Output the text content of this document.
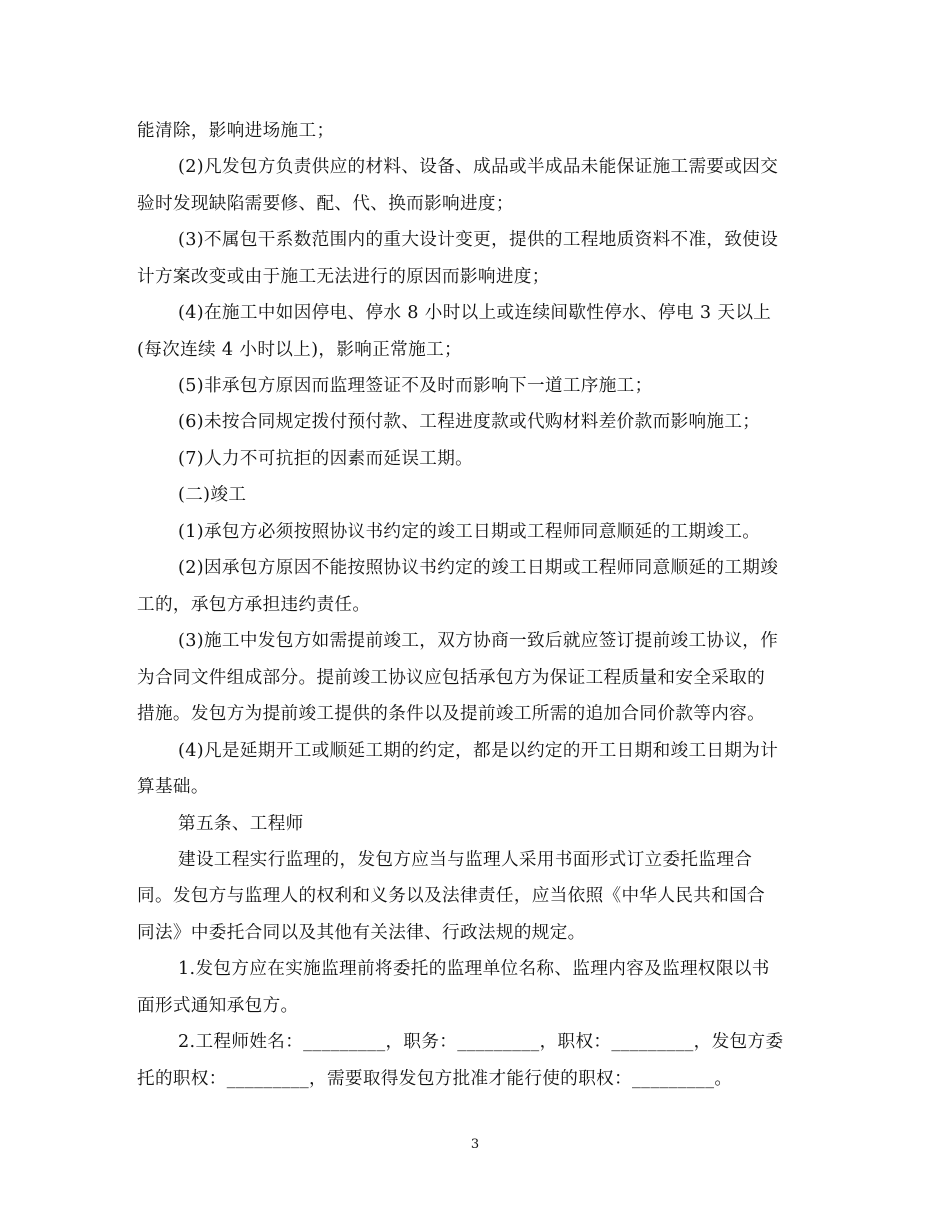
能清除，影响进场施工；
(2)凡发包方负责供应的材料、设备、成品或半成品未能保证施工需要或因交
验时发现缺陷需要修、配、代、换而影响进度；
(3)不属包干系数范围内的重大设计变更，提供的工程地质资料不准，致使设
计方案改变或由于施工无法进行的原因而影响进度；
(4)在施工中如因停电、停水 8 小时以上或连续间歇性停水、停电 3 天以上
(每次连续 4 小时以上)，影响正常施工；
(5)非承包方原因而监理签证不及时而影响下一道工序施工；
(6)未按合同规定拨付预付款、工程进度款或代购材料差价款而影响施工；
(7)人力不可抗拒的因素而延误工期。
(二)竣工
(1)承包方必须按照协议书约定的竣工日期或工程师同意顺延的工期竣工。
(2)因承包方原因不能按照协议书约定的竣工日期或工程师同意顺延的工期竣
工的，承包方承担违约责任。
(3)施工中发包方如需提前竣工，双方协商一致后就应签订提前竣工协议，作
为合同文件组成部分。提前竣工协议应包括承包方为保证工程质量和安全采取的
措施。发包方为提前竣工提供的条件以及提前竣工所需的追加合同价款等内容。
(4)凡是延期开工或顺延工期的约定，都是以约定的开工日期和竣工日期为计
算基础。
第五条、工程师
建设工程实行监理的，发包方应当与监理人采用书面形式订立委托监理合
同。发包方与监理人的权利和义务以及法律责任，应当依照《中华人民共和国合
同法》中委托合同以及其他有关法律、行政法规的规定。
1.发包方应在实施监理前将委托的监理单位名称、监理内容及监理权限以书
面形式通知承包方。
2.工程师姓名：_________，职务：_________，职权：_________，发包方委
托的职权：_________，需要取得发包方批准才能行使的职权：_________。
3
